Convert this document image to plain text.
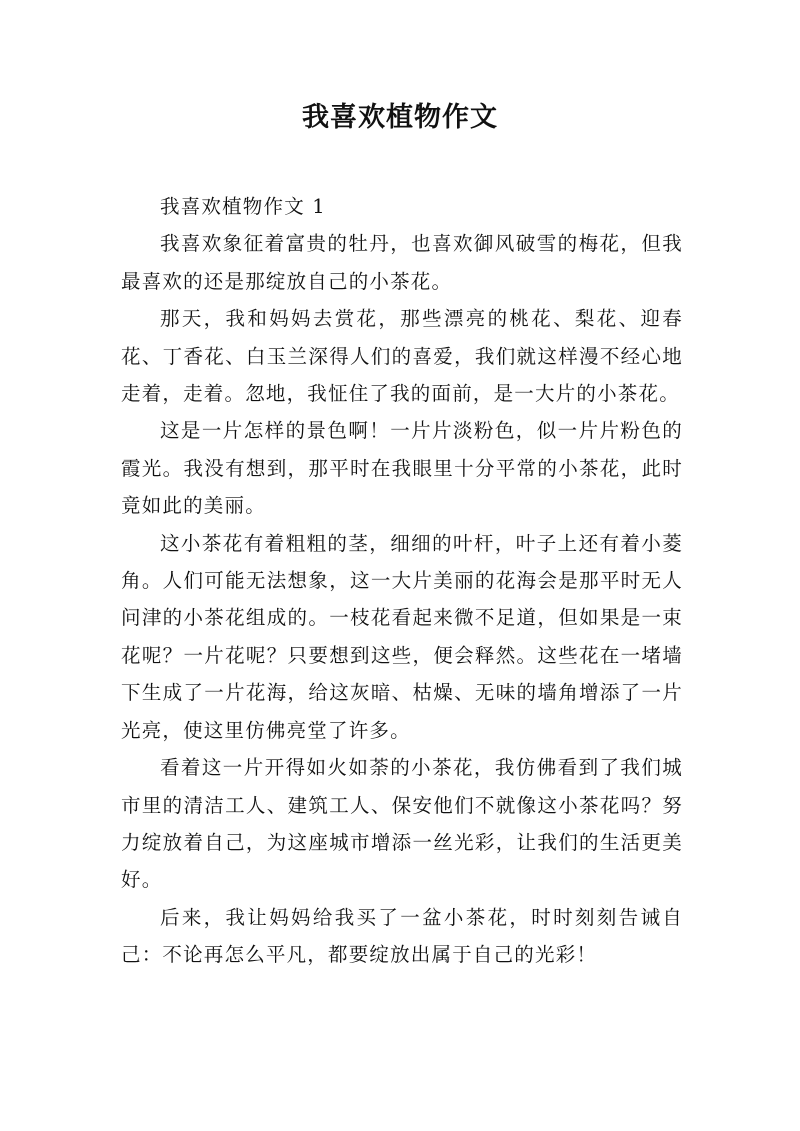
我喜欢植物作文

我喜欢植物作文 1

我喜欢象征着富贵的牡丹，也喜欢御风破雪的梅花，但我最喜欢的还是那绽放自己的小茶花。

那天，我和妈妈去赏花，那些漂亮的桃花、梨花、迎春花、丁香花、白玉兰深得人们的喜爱，我们就这样漫不经心地走着，走着。忽地，我怔住了我的面前，是一大片的小茶花。

这是一片怎样的景色啊！一片片淡粉色，似一片片粉色的霞光。我没有想到，那平时在我眼里十分平常的小茶花，此时竟如此的美丽。

这小茶花有着粗粗的茎，细细的叶杆，叶子上还有着小菱角。人们可能无法想象，这一大片美丽的花海会是那平时无人问津的小茶花组成的。一枝花看起来微不足道，但如果是一束花呢？一片花呢？只要想到这些，便会释然。这些花在一堵墙下生成了一片花海，给这灰暗、枯燥、无味的墙角增添了一片光亮，使这里仿佛亮堂了许多。

看着这一片开得如火如荼的小茶花，我仿佛看到了我们城市里的清洁工人、建筑工人、保安他们不就像这小茶花吗？努力绽放着自己，为这座城市增添一丝光彩，让我们的生活更美好。

后来，我让妈妈给我买了一盆小茶花，时时刻刻告诫自己：不论再怎么平凡，都要绽放出属于自己的光彩！
